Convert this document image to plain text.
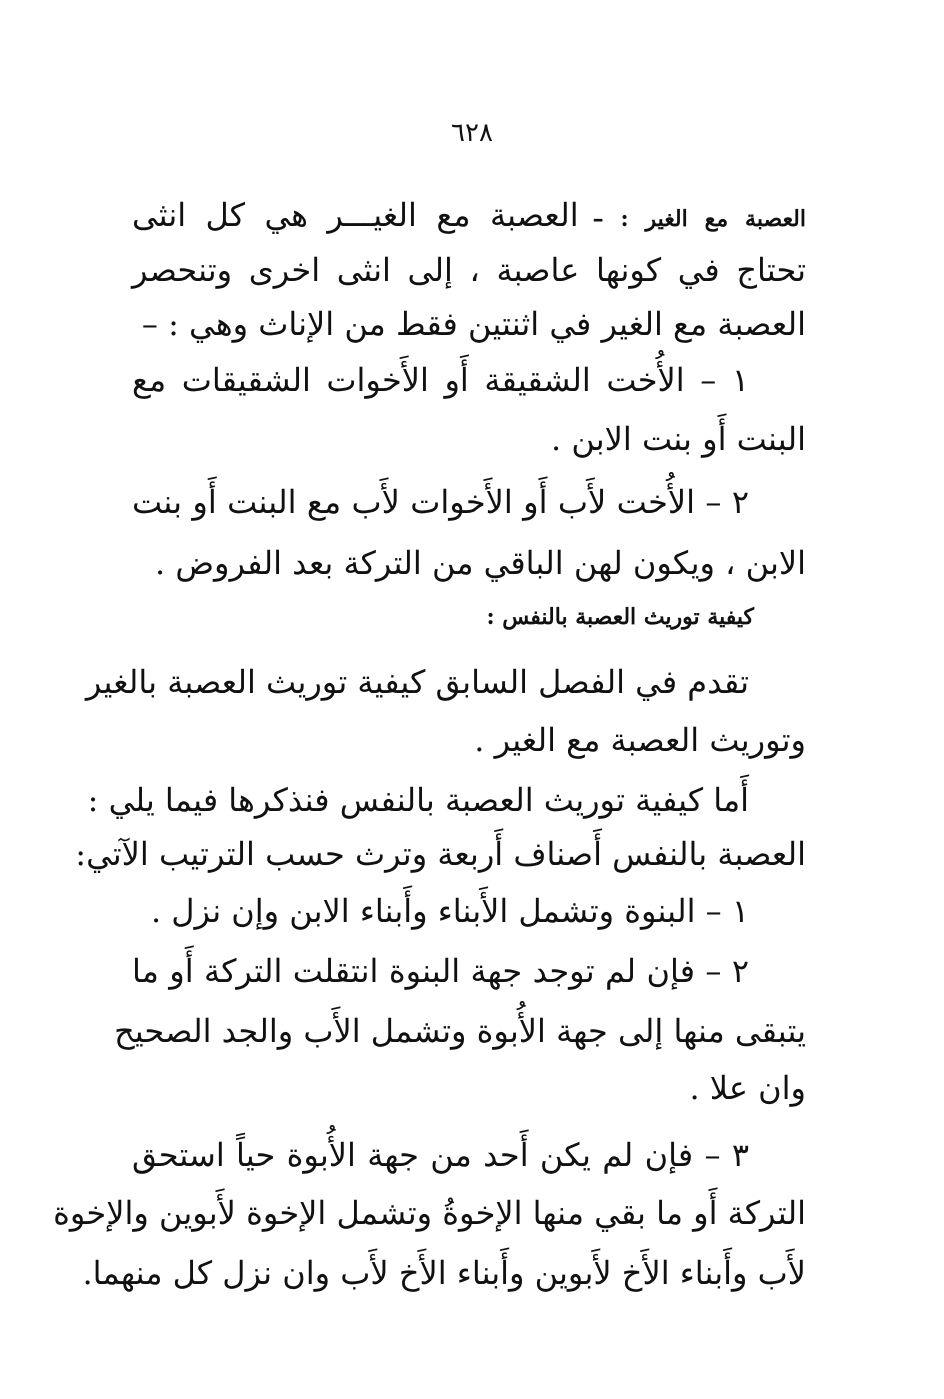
٦٢٨
العصبة مع الغير : –العصبة مع الغيـــر هي كل انثى
تحتاج في كونها عاصبة ، إلى انثى اخرى وتنحصر
العصبة مع الغير في اثنتين فقط من الإناث وهي : –
١ – الأُخت الشقيقة أَو الأَخوات الشقيقات مع
البنت أَو بنت الابن .
٢ – الأُخت لأَب أَو الأَخوات لأَب مع البنت أَو بنت
الابن ، ويكون لهن الباقي من التركة بعد الفروض .
كيفية توريث العصبة بالنفس :
تقدم في الفصل السابق كيفية توريث العصبة بالغير
وتوريث العصبة مع الغير .
أَما كيفية توريث العصبة بالنفس فنذكرها فيما يلي :
العصبة بالنفس أَصناف أَربعة وترث حسب الترتيب الآتي:
١ – البنوة وتشمل الأَبناء وأَبناء الابن وإن نزل .
٢ – فإن لم توجد جهة البنوة انتقلت التركة أَو ما
يتبقى منها إلى جهة الأُبوة وتشمل الأَب والجد الصحيح
وان علا .
٣ – فإن لم يكن أَحد من جهة الأُبوة حياً استحق
التركة أَو ما بقي منها الإخوةُ وتشمل الإخوة لأَبوين والإخوة
لأَب وأَبناء الأَخ لأَبوين وأَبناء الأَخ لأَب وان نزل كل منهما.
